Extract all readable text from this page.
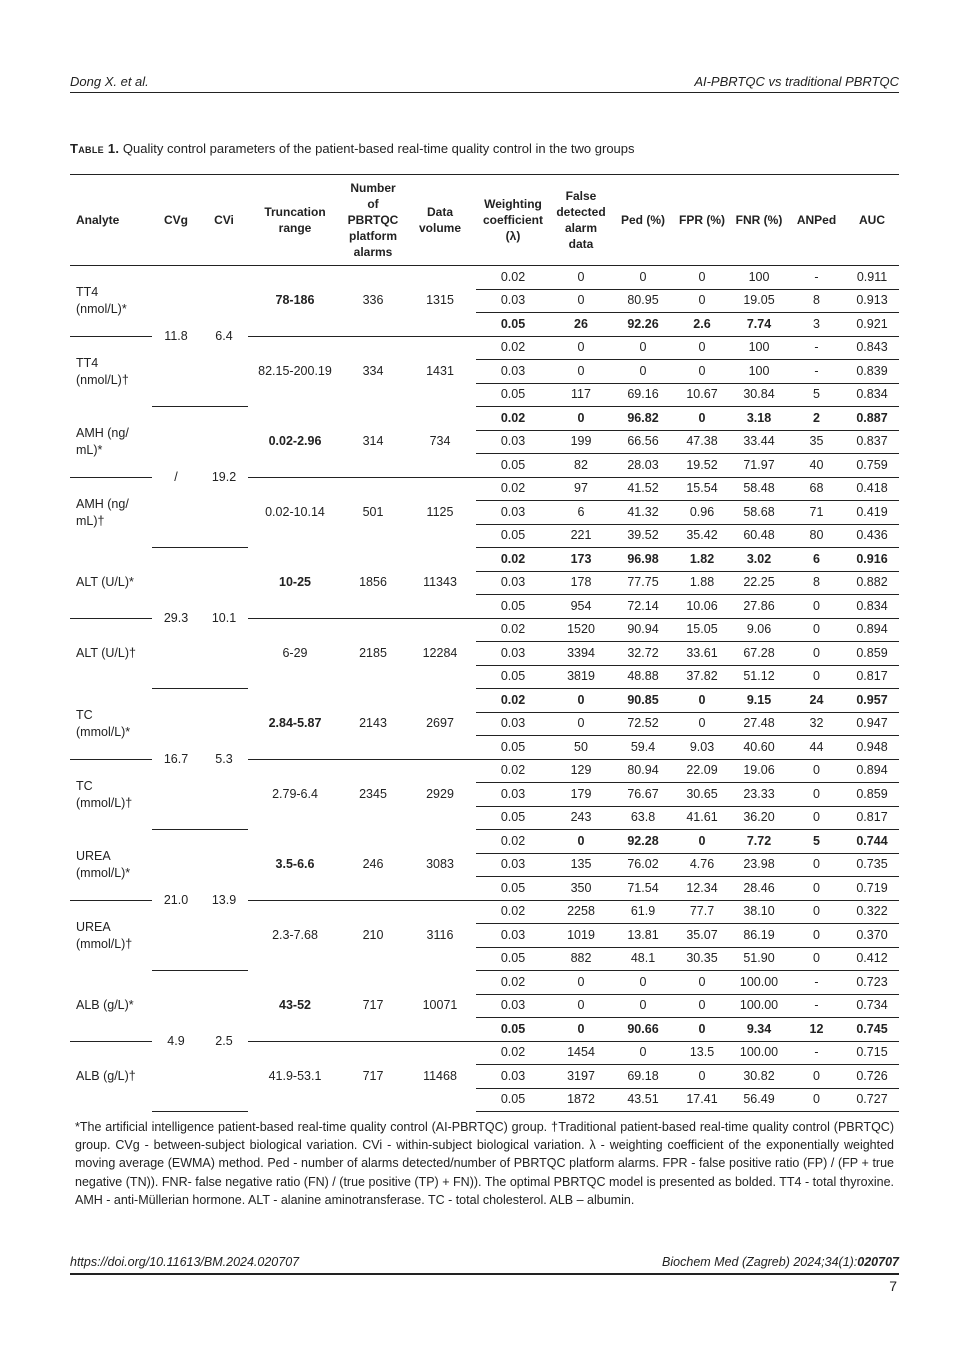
Dong X. et al.	AI-PBRTQC vs traditional PBRTQC
Table 1. Quality control parameters of the patient-based real-time quality control in the two groups
Analyte	CVg	CVi	Truncation range	Number of PBRTQC platform alarms	Data volume	Weighting coefficient (λ)	False detected alarm data	Ped (%)	FPR (%)	FNR (%)	ANPed	AUC
TT4 (nmol/L)*	11.8	6.4	78-186	336	1315	0.02	0	0	0	100	-	0.911
						0.03	0	80.95	0	19.05	8	0.913
						0.05	26	92.26	2.6	7.74	3	0.921
TT4 (nmol/L)†			82.15-200.19	334	1431	0.02	0	0	0	100	-	0.843
						0.03	0	0	0	100	-	0.839
						0.05	117	69.16	10.67	30.84	5	0.834
AMH (ng/ mL)*	/	19.2	0.02-2.96	314	734	0.02	0	96.82	0	3.18	2	0.887
						0.03	199	66.56	47.38	33.44	35	0.837
						0.05	82	28.03	19.52	71.97	40	0.759
AMH (ng/ mL)†			0.02-10.14	501	1125	0.02	97	41.52	15.54	58.48	68	0.418
						0.03	6	41.32	0.96	58.68	71	0.419
						0.05	221	39.52	35.42	60.48	80	0.436
ALT (U/L)*	29.3	10.1	10-25	1856	11343	0.02	173	96.98	1.82	3.02	6	0.916
						0.03	178	77.75	1.88	22.25	8	0.882
						0.05	954	72.14	10.06	27.86	0	0.834
ALT (U/L)†			6-29	2185	12284	0.02	1520	90.94	15.05	9.06	0	0.894
						0.03	3394	32.72	33.61	67.28	0	0.859
						0.05	3819	48.88	37.82	51.12	0	0.817
TC (mmol/L)*	16.7	5.3	2.84-5.87	2143	2697	0.02	0	90.85	0	9.15	24	0.957
						0.03	0	72.52	0	27.48	32	0.947
						0.05	50	59.4	9.03	40.60	44	0.948
TC (mmol/L)†			2.79-6.4	2345	2929	0.02	129	80.94	22.09	19.06	0	0.894
						0.03	179	76.67	30.65	23.33	0	0.859
						0.05	243	63.8	41.61	36.20	0	0.817
UREA (mmol/L)*	21.0	13.9	3.5-6.6	246	3083	0.02	0	92.28	0	7.72	5	0.744
						0.03	135	76.02	4.76	23.98	0	0.735
						0.05	350	71.54	12.34	28.46	0	0.719
UREA (mmol/L)†			2.3-7.68	210	3116	0.02	2258	61.9	77.7	38.10	0	0.322
						0.03	1019	13.81	35.07	86.19	0	0.370
						0.05	882	48.1	30.35	51.90	0	0.412
ALB (g/L)*	4.9	2.5	43-52	717	10071	0.02	0	0	0	100.00	-	0.723
						0.03	0	0	0	100.00	-	0.734
						0.05	0	90.66	0	9.34	12	0.745
ALB (g/L)†			41.9-53.1	717	11468	0.02	1454	0	13.5	100.00	-	0.715
						0.03	3197	69.18	0	30.82	0	0.726
						0.05	1872	43.51	17.41	56.49	0	0.727
*The artificial intelligence patient-based real-time quality control (AI-PBRTQC) group. †Traditional patient-based real-time quality control (PBRTQC) group. CVg - between-subject biological variation. CVi - within-subject biological variation. λ - weighting coefficient of the exponentially weighted moving average (EWMA) method. Ped - number of alarms detected/number of PBRTQC platform alarms. FPR - false positive ratio (FP) / (FP + true negative (TN)). FNR- false negative ratio (FN) / (true positive (TP) + FN)). The optimal PBRTQC model is presented as bolded. TT4 - total thyroxine. AMH - anti-Müllerian hormone. ALT - alanine aminotransferase. TC - total cholesterol. ALB – albumin.
https://doi.org/10.11613/BM.2024.020707	Biochem Med (Zagreb) 2024;34(1):020707
7
